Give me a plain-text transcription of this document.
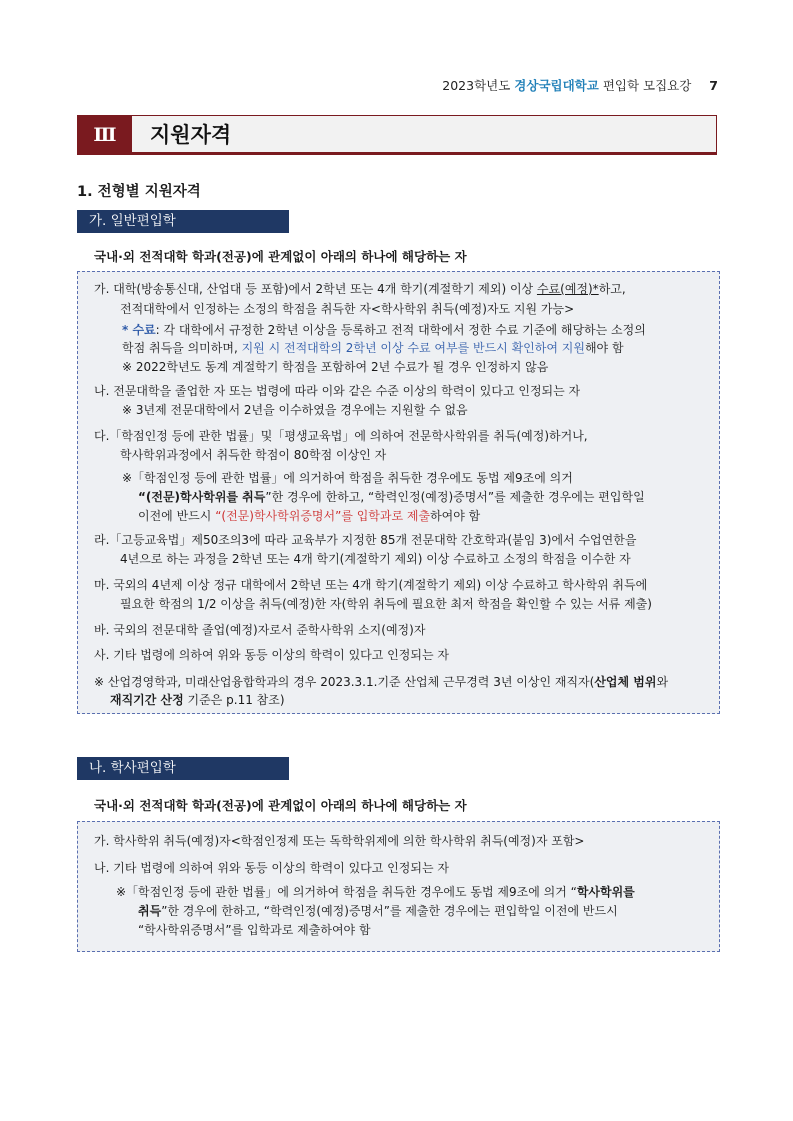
2023학년도 경상국립대학교 편입학 모집요강 7
Ⅲ	지원자격
1. 전형별 지원자격
가. 일반편입학
국내·외 전적대학 학과(전공)에 관계없이 아래의 하나에 해당하는 자
가. 대학(방송통신대, 산업대 등 포함)에서 2학년 또는 4개 학기(계절학기 제외) 이상 수료(예정)*하고,
전적대학에서 인정하는 소정의 학점을 취득한 자<학사학위 취득(예정)자도 지원 가능>
* 수료: 각 대학에서 규정한 2학년 이상을 등록하고 전적 대학에서 정한 수료 기준에 해당하는 소정의
학점 취득을 의미하며, 지원 시 전적대학의 2학년 이상 수료 여부를 반드시 확인하여 지원해야 함
※ 2022학년도 동계 계절학기 학점을 포함하여 2년 수료가 될 경우 인정하지 않음
나. 전문대학을 졸업한 자 또는 법령에 따라 이와 같은 수준 이상의 학력이 있다고 인정되는 자
※ 3년제 전문대학에서 2년을 이수하였을 경우에는 지원할 수 없음
다.「학점인정 등에 관한 법률」및「평생교육법」에 의하여 전문학사학위를 취득(예정)하거나,
학사학위과정에서 취득한 학점이 80학점 이상인 자
※「학점인정 등에 관한 법률」에 의거하여 학점을 취득한 경우에도 동법 제9조에 의거
“(전문)학사학위를 취득”한 경우에 한하고, “학력인정(예정)증명서”를 제출한 경우에는 편입학일
이전에 반드시 “(전문)학사학위증명서”를 입학과로 제출하여야 함
라.「고등교육법」제50조의3에 따라 교육부가 지정한 85개 전문대학 간호학과(붙임 3)에서 수업연한을
4년으로 하는 과정을 2학년 또는 4개 학기(계절학기 제외) 이상 수료하고 소정의 학점을 이수한 자
마. 국외의 4년제 이상 정규 대학에서 2학년 또는 4개 학기(계절학기 제외) 이상 수료하고 학사학위 취득에
필요한 학점의 1/2 이상을 취득(예정)한 자(학위 취득에 필요한 최저 학점을 확인할 수 있는 서류 제출)
바. 국외의 전문대학 졸업(예정)자로서 준학사학위 소지(예정)자
사. 기타 법령에 의하여 위와 동등 이상의 학력이 있다고 인정되는 자
※ 산업경영학과, 미래산업융합학과의 경우 2023.3.1.기준 산업체 근무경력 3년 이상인 재직자(산업체 범위와
재직기간 산정 기준은 p.11 참조)
나. 학사편입학
국내·외 전적대학 학과(전공)에 관계없이 아래의 하나에 해당하는 자
가. 학사학위 취득(예정)자<학점인정제 또는 독학학위제에 의한 학사학위 취득(예정)자 포함>
나. 기타 법령에 의하여 위와 동등 이상의 학력이 있다고 인정되는 자
※「학점인정 등에 관한 법률」에 의거하여 학점을 취득한 경우에도 동법 제9조에 의거 “학사학위를
취득”한 경우에 한하고, “학력인정(예정)증명서”를 제출한 경우에는 편입학일 이전에 반드시
“학사학위증명서”를 입학과로 제출하여야 함
